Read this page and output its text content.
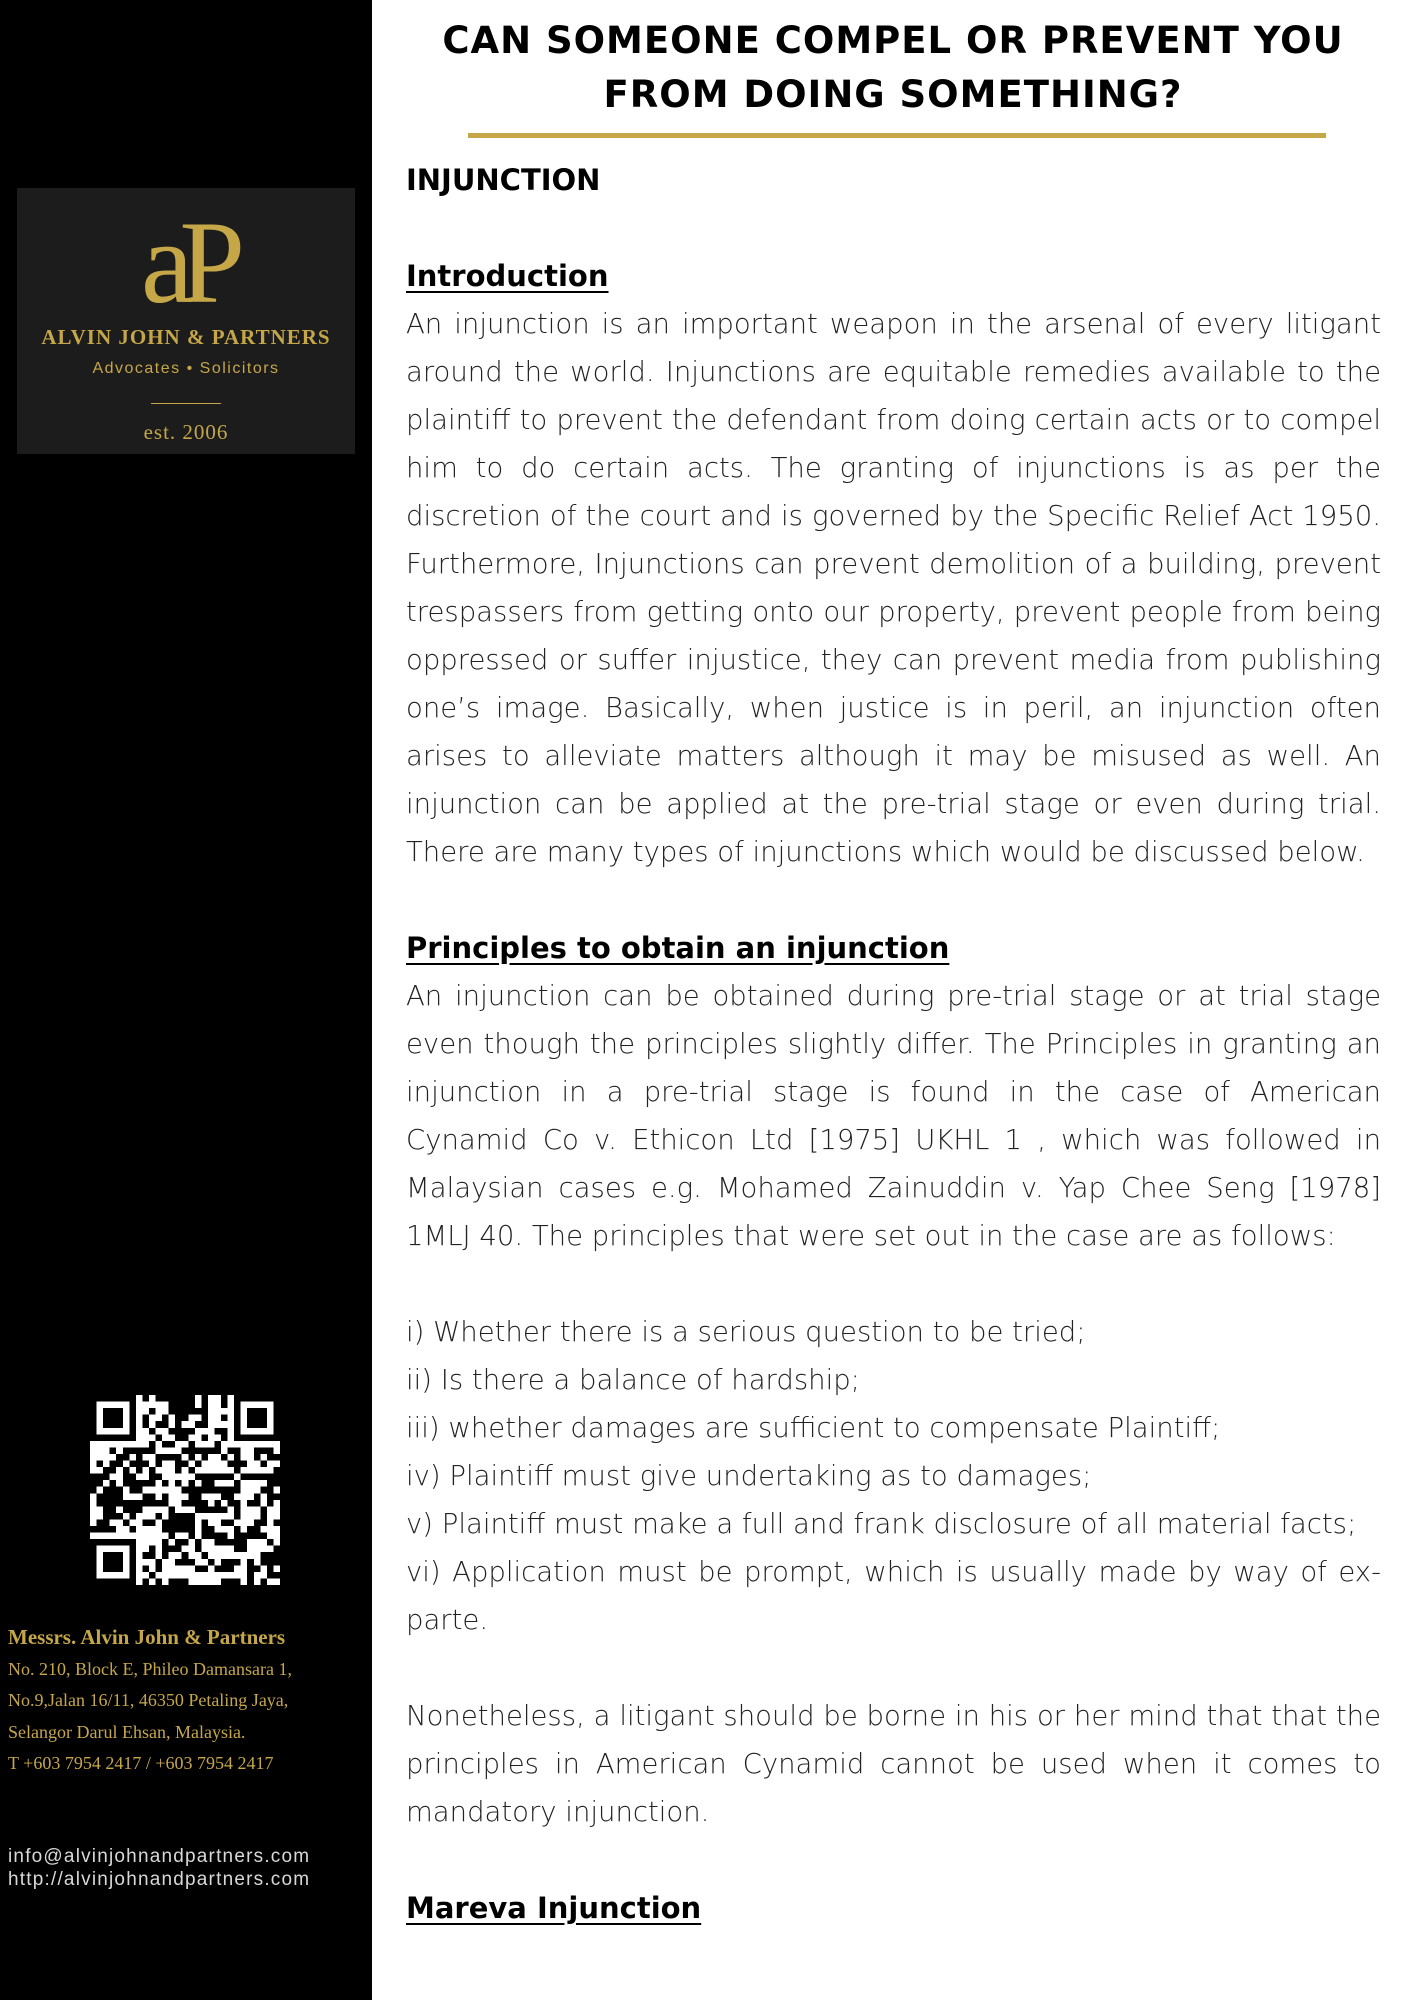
aP
ALVIN JOHN & PARTNERS
Advocates • Solicitors
est. 2006
Messrs. Alvin John & Partners
No. 210, Block E, Phileo Damansara 1,
No.9,Jalan 16/11, 46350 Petaling Jaya,
Selangor Darul Ehsan, Malaysia.
T +603 7954 2417 / +603 7954 2417
info@alvinjohnandpartners.com
http://alvinjohnandpartners.com
CAN SOMEONE COMPEL OR PREVENT YOU FROM DOING SOMETHING?
INJUNCTION
Introduction

An injunction is an important weapon in the arsenal of every litigant around the world. Injunctions are equitable remedies available to the plaintiff to prevent the defendant from doing certain acts or to compel him to do certain acts. The granting of injunctions is as per the discretion of the court and is governed by the Specific Relief Act 1950. Furthermore, Injunctions can prevent demolition of a building, prevent trespassers from getting onto our property, prevent people from being oppressed or suffer injustice, they can prevent media from publishing one’s image. Basically, when justice is in peril, an injunction often arises to alleviate matters although it may be misused as well. An injunction can be applied at the pre-trial stage or even during trial. There are many types of injunctions which would be discussed below.

Principles to obtain an injunction

An injunction can be obtained during pre-trial stage or at trial stage even though the principles slightly differ. The Principles in granting an injunction in a pre-trial stage is found in the case of American Cynamid Co v. Ethicon Ltd [1975] UKHL 1 , which was followed in Malaysian cases e.g. Mohamed Zainuddin v. Yap Chee Seng [1978] 1MLJ 40. The principles that were set out in the case are as follows:

i) Whether there is a serious question to be tried;
ii) Is there a balance of hardship;
iii) whether damages are sufficient to compensate Plaintiff;
iv) Plaintiff must give undertaking as to damages;
v) Plaintiff must make a full and frank disclosure of all material facts;
vi) Application must be prompt, which is usually made by way of ex-parte.

Nonetheless, a litigant should be borne in his or her mind that that the principles in American Cynamid cannot be used when it comes to mandatory injunction.

Mareva Injunction
